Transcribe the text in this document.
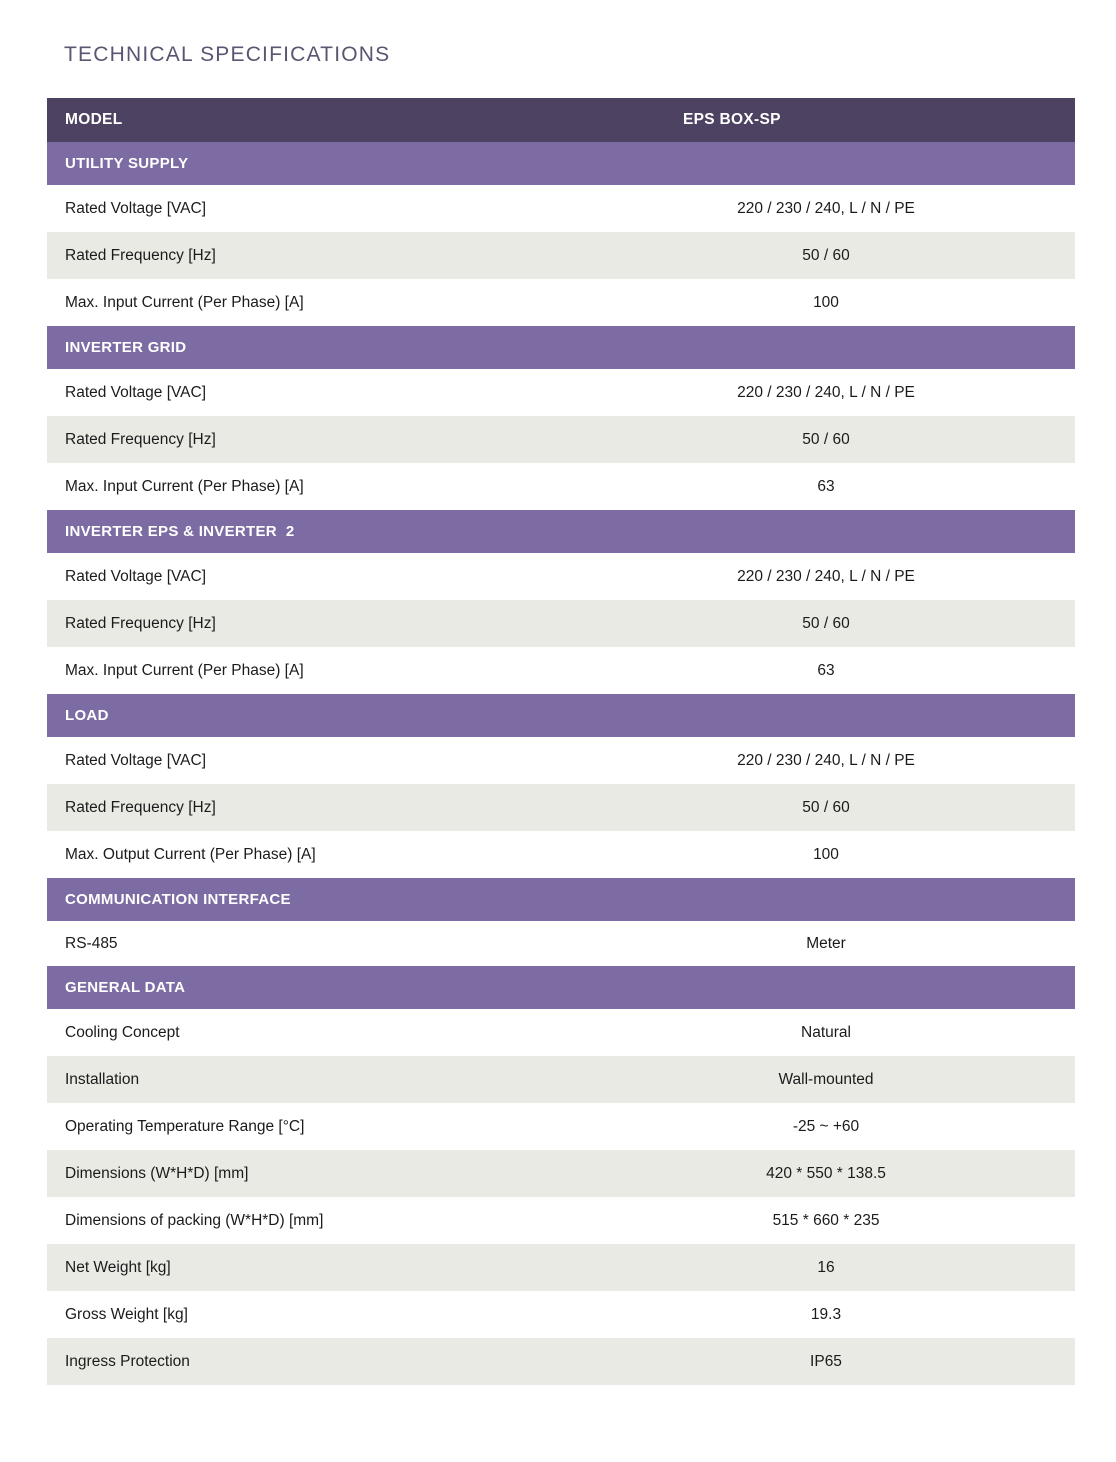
TECHNICAL SPECIFICATIONS
MODEL	EPS BOX-SP
UTILITY SUPPLY	
Rated Voltage [VAC]	220 / 230 / 240, L / N / PE
Rated Frequency [Hz]	50 / 60
Max. Input Current (Per Phase) [A]	100
INVERTER GRID	
Rated Voltage [VAC]	220 / 230 / 240, L / N / PE
Rated Frequency [Hz]	50 / 60
Max. Input Current (Per Phase) [A]	63
INVERTER EPS & INVERTER  2	
Rated Voltage [VAC]	220 / 230 / 240, L / N / PE
Rated Frequency [Hz]	50 / 60
Max. Input Current (Per Phase) [A]	63
LOAD	
Rated Voltage [VAC]	220 / 230 / 240, L / N / PE
Rated Frequency [Hz]	50 / 60
Max. Output Current (Per Phase) [A]	100
COMMUNICATION INTERFACE	
RS-485	Meter
GENERAL DATA	
Cooling Concept	Natural
Installation	Wall-mounted
Operating Temperature Range [°C]	-25 ~ +60
Dimensions (W*H*D) [mm]	420 * 550 * 138.5
Dimensions of packing (W*H*D) [mm]	515 * 660 * 235
Net Weight [kg]	16
Gross Weight [kg]	19.3
Ingress Protection	IP65
